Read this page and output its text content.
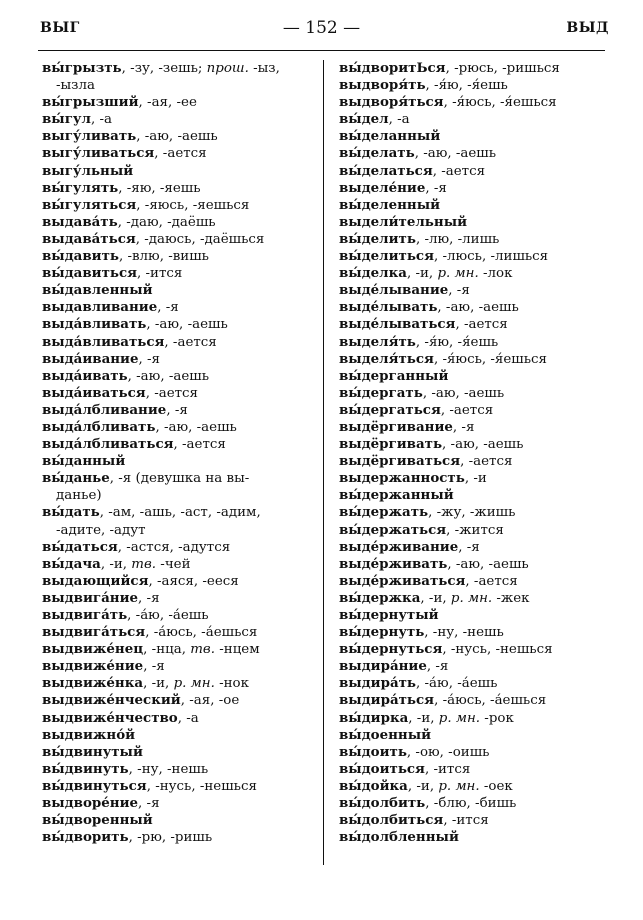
ВЫГ	— 152 —	ВЫД
вы́грызть, -зу, -зешь; прош. -ыз,
-ызла
вы́грызший, -ая, -ее
вы́гул, -а
выгу́ливать, -аю, -аешь
выгу́ливаться, -ается
выгу́льный
вы́гулять, -яю, -яешь
вы́гуляться, -яюсь, -яешься
выдава́ть, -даю, -даёшь
выдава́ться, -даюсь, -даёшься
вы́давить, -влю, -вишь
вы́давиться, -ится
вы́давленный
выдавливание, -я
выда́вливать, -аю, -аешь
выда́вливаться, -ается
выда́ивание, -я
выда́ивать, -аю, -аешь
выда́иваться, -ается
выда́лбливание, -я
выда́лбливать, -аю, -аешь
выда́лбливаться, -ается
вы́данный
вы́данье, -я (девушка на вы-
данье)
вы́дать, -ам, -ашь, -аст, -адим,
-адите, -адут
вы́даться, -астся, -адутся
вы́дача, -и, тв. -чей
выдающийся, -аяся, -ееся
выдвига́ние, -я
выдвига́ть, -а́ю, -а́ешь
выдвига́ться, -а́юсь, -а́ешься
выдвиже́нец, -нца, тв. -нцем
выдвиже́ние, -я
выдвиже́нка, -и, р. мн. -нок
выдвиже́нческий, -ая, -ое
выдвиже́нчество, -а
выдвижно́й
вы́двинутый
вы́двинуть, -ну, -нешь
вы́двинуться, -нусь, -нешься
выдворе́ние, -я
вы́дворенный
вы́дворить, -рю, -ришь
вы́дворитЬся, -рюсь, -ришься
выдворя́ть, -я́ю, -я́ешь
выдворя́ться, -я́юсь, -я́ешься
вы́дел, -а
вы́деланный
вы́делать, -аю, -аешь
вы́делаться, -ается
выделе́ние, -я
вы́деленный
выдели́тельный
вы́делить, -лю, -лишь
вы́делиться, -люсь, -лишься
вы́делка, -и, р. мн. -лок
выде́лывание, -я
выде́лывать, -аю, -аешь
выде́лываться, -ается
выделя́ть, -я́ю, -я́ешь
выделя́ться, -я́юсь, -я́ешься
вы́дерганный
вы́дергать, -аю, -аешь
вы́дергаться, -ается
выдёргивание, -я
выдёргивать, -аю, -аешь
выдёргиваться, -ается
выдержанность, -и
вы́держанный
вы́держать, -жу, -жишь
вы́держаться, -жится
выде́рживание, -я
выде́рживать, -аю, -аешь
выде́рживаться, -ается
вы́держка, -и, р. мн. -жек
вы́дернутый
вы́дернуть, -ну, -нешь
вы́дернуться, -нусь, -нешься
выдира́ние, -я
выдира́ть, -а́ю, -а́ешь
выдира́ться, -а́юсь, -а́ешься
вы́дирка, -и, р. мн. -рок
вы́доенный
вы́доить, -ою, -оишь
вы́доиться, -ится
вы́дойка, -и, р. мн. -оек
вы́долбить, -блю, -бишь
вы́долбиться, -ится
вы́долбленный
